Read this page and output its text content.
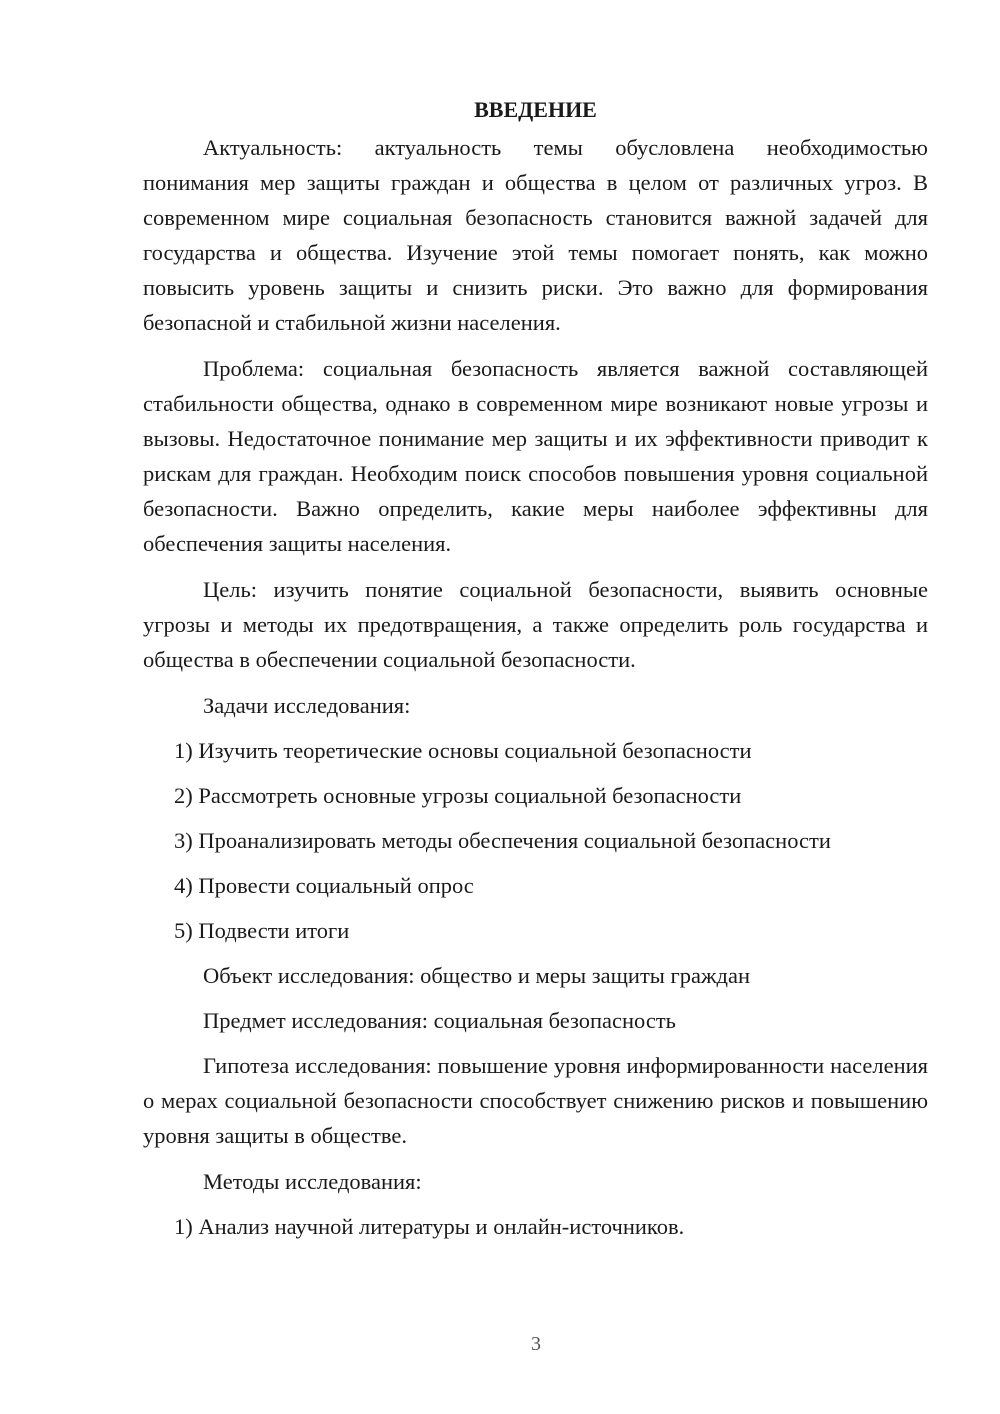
ВВЕДЕНИЕ

Актуальность: актуальность темы обусловлена необходимостью понимания мер защиты граждан и общества в целом от различных угроз. В современном мире социальная безопасность становится важной задачей для государства и общества. Изучение этой темы помогает понять, как можно повысить уровень защиты и снизить риски. Это важно для формирования безопасной и стабильной жизни населения.

Проблема: социальная безопасность является важной составляющей стабильности общества, однако в современном мире возникают новые угрозы и вызовы. Недостаточное понимание мер защиты и их эффективности приводит к рискам для граждан. Необходим поиск способов повышения уровня социальной безопасности. Важно определить, какие меры наиболее эффективны для обеспечения защиты населения.

Цель: изучить понятие социальной безопасности, выявить основные угрозы и методы их предотвращения, а также определить роль государства и общества в обеспечении социальной безопасности.

Задачи исследования:

1) Изучить теоретические основы социальной безопасности

2) Рассмотреть основные угрозы социальной безопасности

3) Проанализировать методы обеспечения социальной безопасности

4) Провести социальный опрос

5) Подвести итоги

Объект исследования: общество и меры защиты граждан

Предмет исследования: социальная безопасность

Гипотеза исследования: повышение уровня информированности населения о мерах социальной безопасности способствует снижению рисков и повышению уровня защиты в обществе.

Методы исследования:

1) Анализ научной литературы и онлайн-источников.

3
